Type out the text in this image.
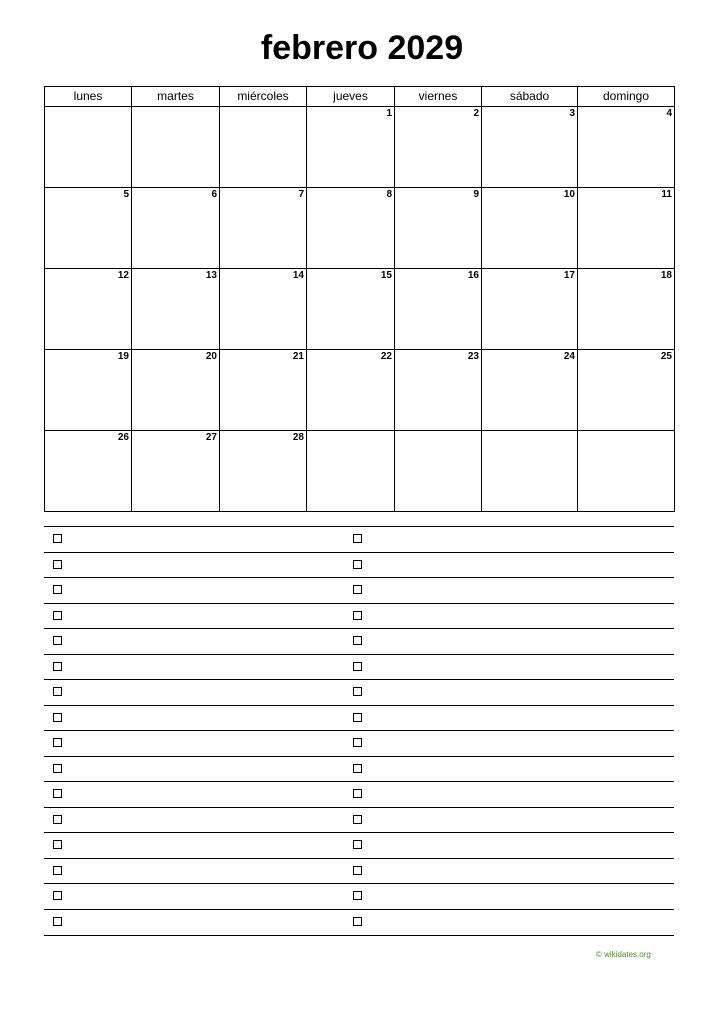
febrero 2029
lunes	martes	miércoles	jueves	viernes	sábado	domingo

			1	2	3	4

5	6	7	8	9	10	11

12	13	14	15	16	17	18

19	20	21	22	23	24	25

26	27	28				

© wikidates.org
